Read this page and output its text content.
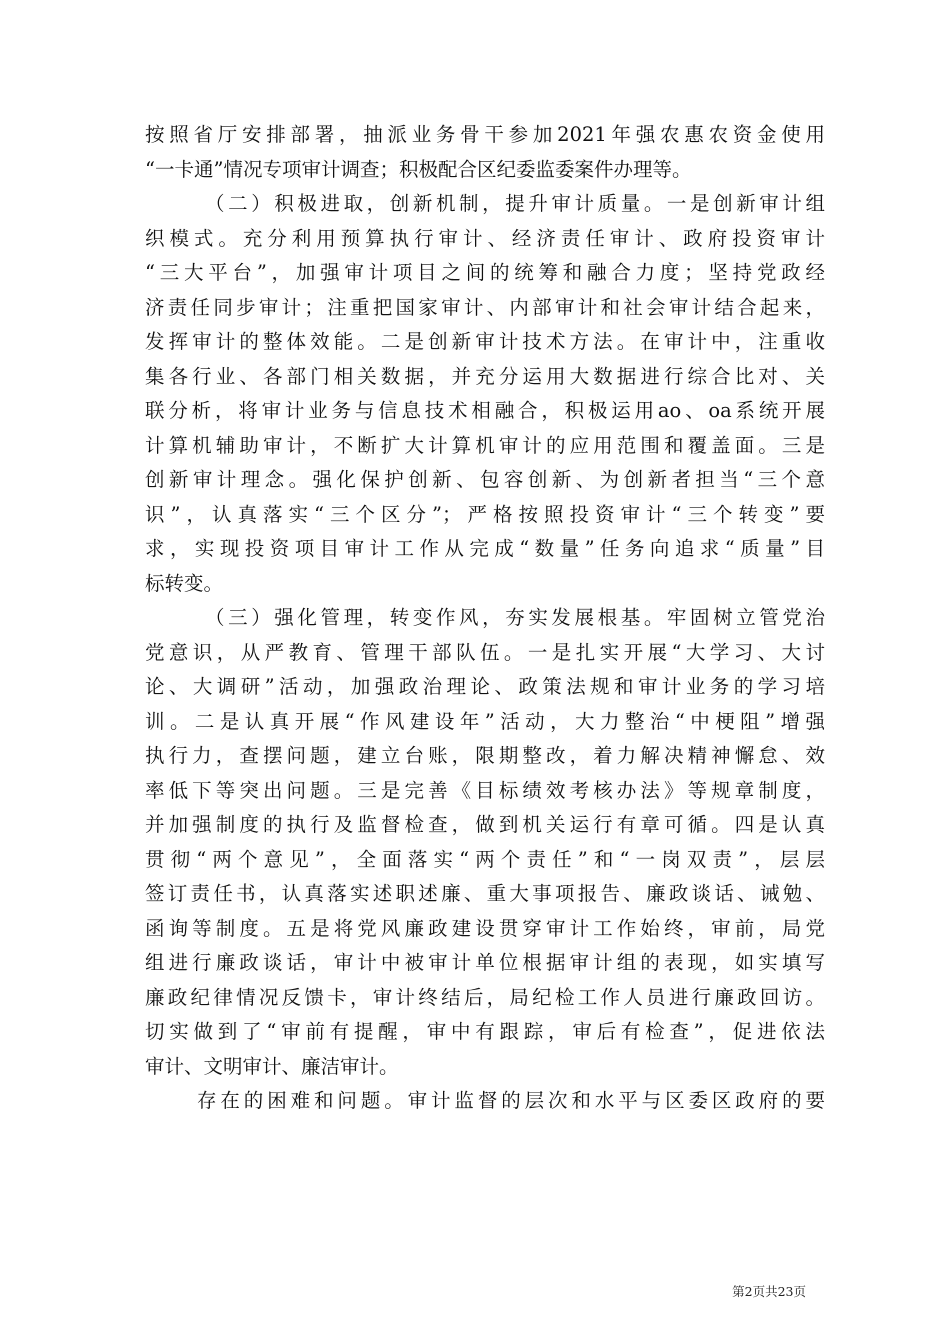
按照省厅安排部署，抽派业务骨干参加2021年强农惠农资金使用
“一卡通”情况专项审计调查；积极配合区纪委监委案件办理等。
（二）积极进取，创新机制，提升审计质量。一是创新审计组
织模式。充分利用预算执行审计、经济责任审计、政府投资审计
“三大平台”，加强审计项目之间的统筹和融合力度；坚持党政经
济责任同步审计；注重把国家审计、内部审计和社会审计结合起来，
发挥审计的整体效能。二是创新审计技术方法。在审计中，注重收
集各行业、各部门相关数据，并充分运用大数据进行综合比对、关
联分析，将审计业务与信息技术相融合，积极运用ao、oa系统开展
计算机辅助审计，不断扩大计算机审计的应用范围和覆盖面。三是
创新审计理念。强化保护创新、包容创新、为创新者担当“三个意
识”，认真落实“三个区分”；严格按照投资审计“三个转变”要
求，实现投资项目审计工作从完成“数量”任务向追求“质量”目
标转变。
（三）强化管理，转变作风，夯实发展根基。牢固树立管党治
党意识，从严教育、管理干部队伍。一是扎实开展“大学习、大讨
论、大调研”活动，加强政治理论、政策法规和审计业务的学习培
训。二是认真开展“作风建设年”活动，大力整治“中梗阻”增强
执行力，查摆问题，建立台账，限期整改，着力解决精神懈怠、效
率低下等突出问题。三是完善《目标绩效考核办法》等规章制度，
并加强制度的执行及监督检查，做到机关运行有章可循。四是认真
贯彻“两个意见”，全面落实“两个责任”和“一岗双责”，层层
签订责任书，认真落实述职述廉、重大事项报告、廉政谈话、诫勉、
函询等制度。五是将党风廉政建设贯穿审计工作始终，审前，局党
组进行廉政谈话，审计中被审计单位根据审计组的表现，如实填写
廉政纪律情况反馈卡，审计终结后，局纪检工作人员进行廉政回访。
切实做到了“审前有提醒，审中有跟踪，审后有检查”，促进依法
审计、文明审计、廉洁审计。
存在的困难和问题。审计监督的层次和水平与区委区政府的要
第2页共23页
